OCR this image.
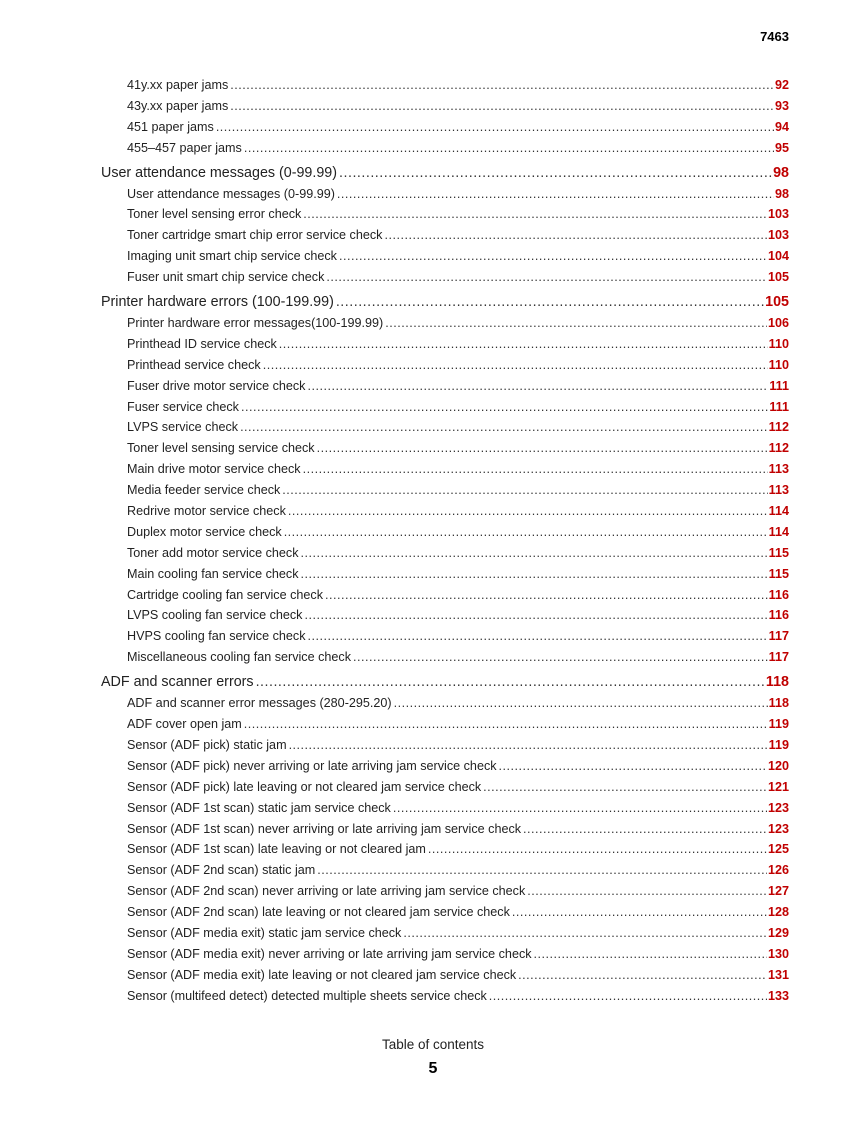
7463
41y.xx paper jams .....	92
43y.xx paper jams .....	93
451 paper jams .....	94
455–457 paper jams .....	95
User attendance messages (0-99.99) .....	98
User attendance messages (0-99.99) .....	98
Toner level sensing error check .....	103
Toner cartridge smart chip error service check .....	103
Imaging unit smart chip service check .....	104
Fuser unit smart chip service check .....	105
Printer hardware errors (100-199.99) .....	105
Printer hardware error messages(100-199.99) .....	106
Printhead ID service check .....	110
Printhead service check .....	110
Fuser drive motor service check .....	111
Fuser service check .....	111
LVPS service check .....	112
Toner level sensing service check .....	112
Main drive motor service check .....	113
Media feeder service check .....	113
Redrive motor service check .....	114
Duplex motor service check .....	114
Toner add motor service check .....	115
Main cooling fan service check .....	115
Cartridge cooling fan service check .....	116
LVPS cooling fan service check .....	116
HVPS cooling fan service check .....	117
Miscellaneous cooling fan service check .....	117
ADF and scanner errors .....	118
ADF and scanner error messages (280-295.20) .....	118
ADF cover open jam .....	119
Sensor (ADF pick) static jam .....	119
Sensor (ADF pick) never arriving or late arriving jam service check .....	120
Sensor (ADF pick) late leaving or not cleared jam service check .....	121
Sensor (ADF 1st scan) static jam service check .....	123
Sensor (ADF 1st scan) never arriving or late arriving jam service check .....	123
Sensor (ADF 1st scan) late leaving or not cleared jam .....	125
Sensor (ADF 2nd scan) static jam .....	126
Sensor (ADF 2nd scan) never arriving or late arriving jam service check .....	127
Sensor (ADF 2nd scan) late leaving or not cleared jam service check .....	128
Sensor (ADF media exit) static jam service check .....	129
Sensor (ADF media exit) never arriving or late arriving jam service check .....	130
Sensor (ADF media exit) late leaving or not cleared jam service check .....	131
Sensor (multifeed detect) detected multiple sheets service check .....	133
Table of contents
5
